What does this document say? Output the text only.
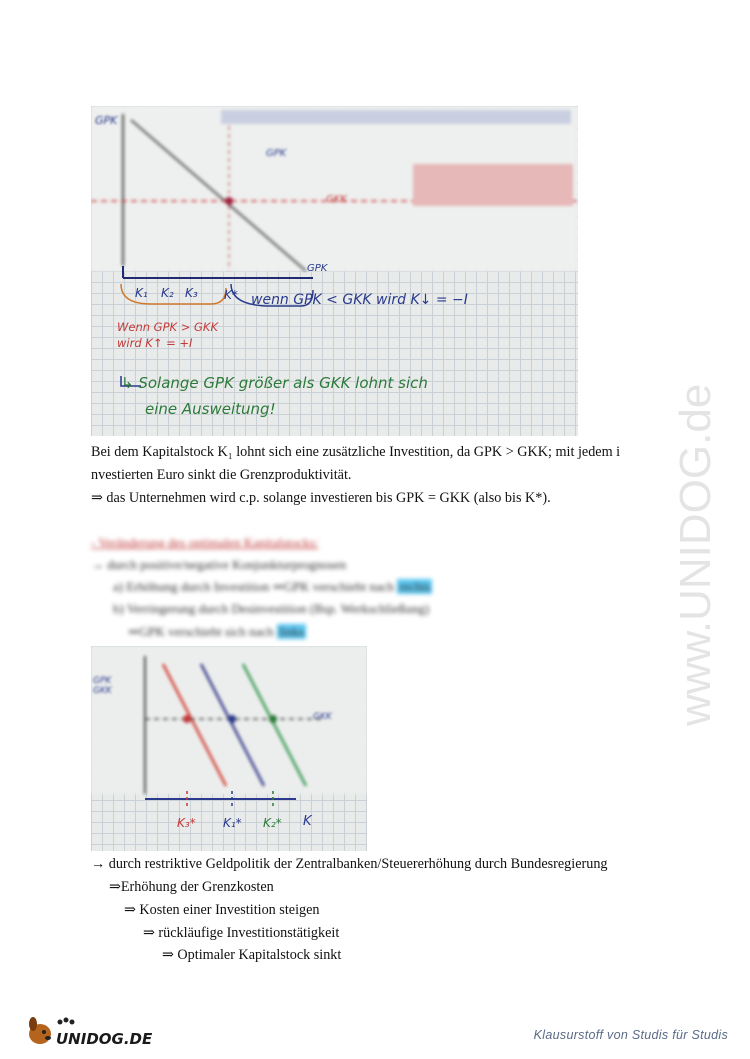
GPK
GKK
GPK
GPK
K₁ K₂ K₃ K* wenn GPK < GKK wird K↓ = −I
Wenn GPK > GKK
wird K↑ = +I
↳ Solange GPK größer als GKK lohnt sich
eine Ausweitung!
Bei dem Kapitalstock K₁ lohnt sich eine zusätzliche Investition, da GPK > GKK; mit jedem i
nvestierten Euro sinkt die Grenzproduktivität.
⇒ das Unternehmen wird c.p. solange investieren bis GPK = GKK (also bis K*).
- Veränderung des optimalen Kapitalstocks:
→ durch positive/negative Konjunkturprognosen
a) Erhöhung durch Investition ⇒GPK verschiebt nach rechts
b) Verringerung durch Desinvestition (Bsp. Werkschließung)
⇒GPK verschiebt sich nach links
GPK GKK
GKK
K₃* K₁* K₂* K
→ durch restriktive Geldpolitik der Zentralbanken/Steuererhöhung durch Bundesregierung
⇒Erhöhung der Grenzkosten
⇒ Kosten einer Investition steigen
⇒ rückläufige Investitionstätigkeit
⇒ Optimaler Kapitalstock sinkt
www.UNIDOG.de
UNIDOG.DE	Klausurstoff von Studis für Studis
